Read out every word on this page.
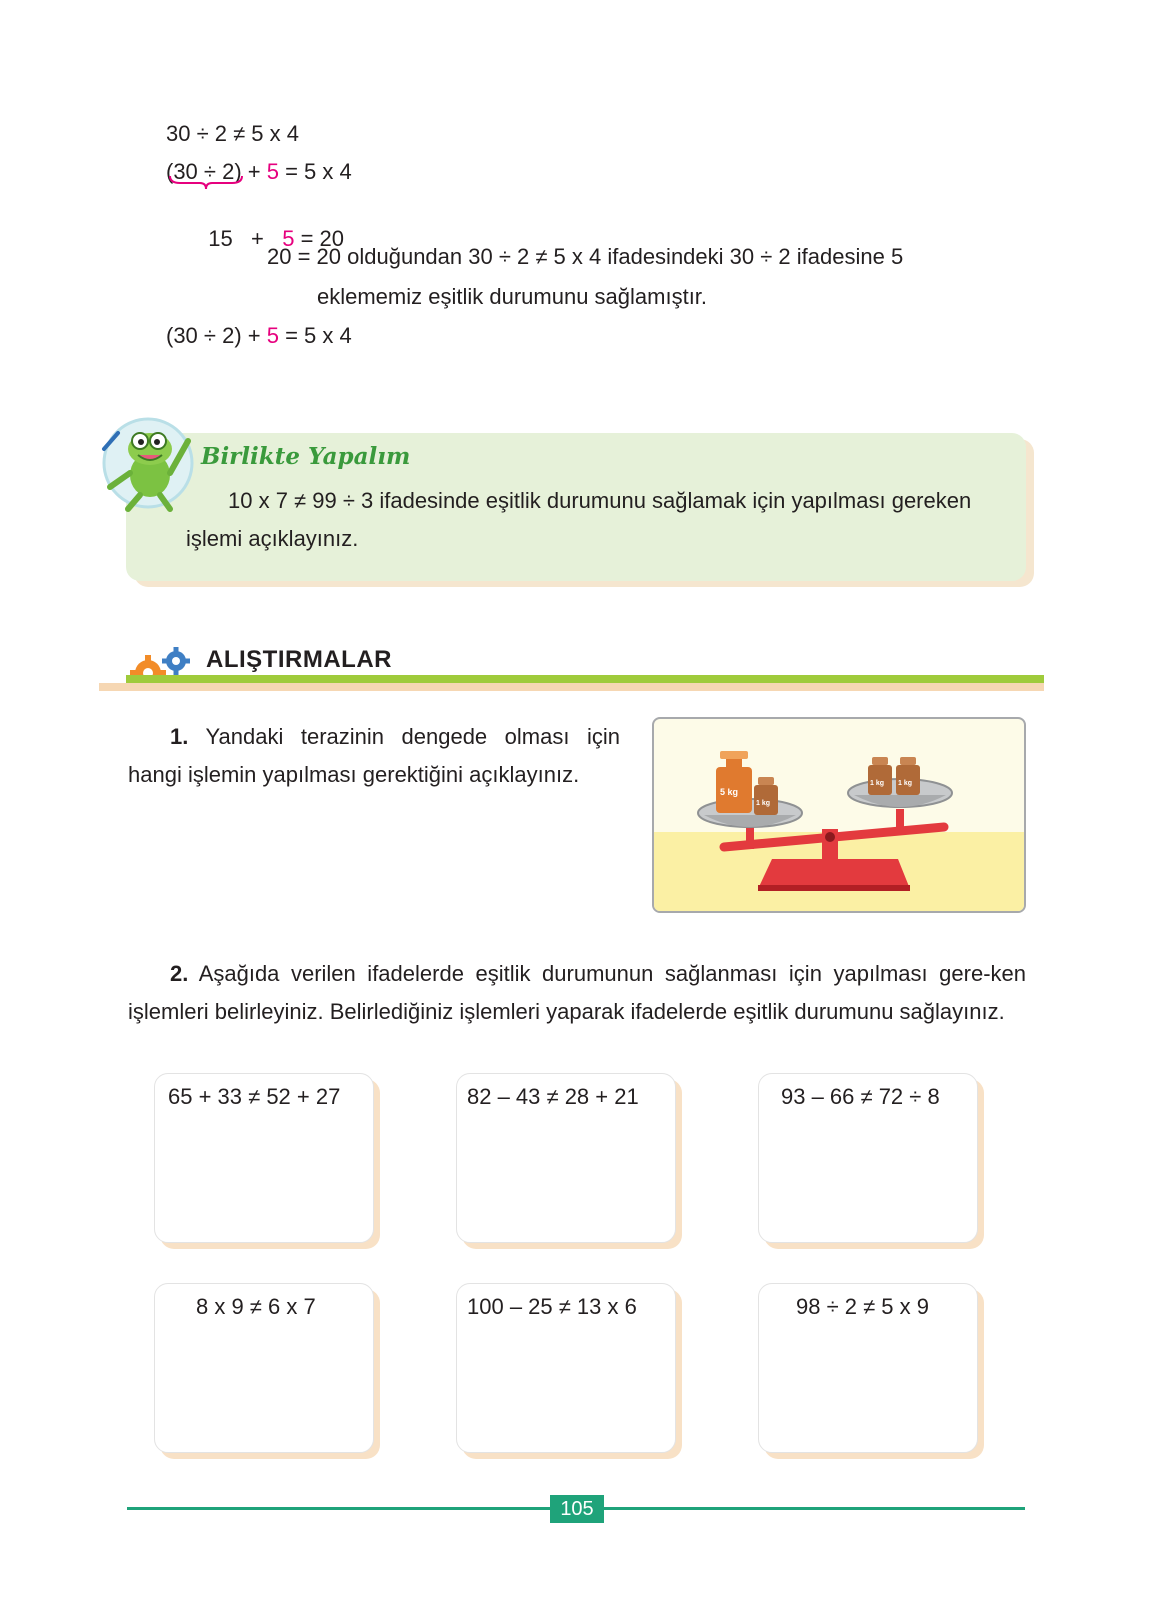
30 ÷ 2 ≠ 5 x 4
(30 ÷ 2) + 5 = 5 x 4

15   +   5 = 20

20 = 20 olduğundan 30 ÷ 2 ≠ 5 x 4 ifadesindeki 30 ÷ 2 ifadesine 5
eklememiz eşitlik durumunu sağlamıştır.
(30 ÷ 2) + 5 = 5 x 4
Birlikte Yapalım
10 x 7 ≠ 99 ÷ 3 ifadesinde eşitlik durumunu sağlamak için yapılması gereken işlemi açıklayınız.
ALIŞTIRMALAR
1. Yandaki terazinin dengede olması için hangi işlemin yapılması gerektiğini açıklayınız.
5 kg
1 kg
1 kg 1 kg
2. Aşağıda verilen ifadelerde eşitlik durumunun sağlanması için yapılması gere-ken işlemleri belirleyiniz. Belirlediğiniz işlemleri yaparak ifadelerde eşitlik durumunu sağlayınız.
65 + 33 ≠ 52 + 27	82 – 43 ≠ 28 + 21	93 – 66 ≠ 72 ÷ 8
8 x 9 ≠ 6 x 7	100 – 25 ≠ 13 x 6	98 ÷ 2 ≠ 5 x 9
105
